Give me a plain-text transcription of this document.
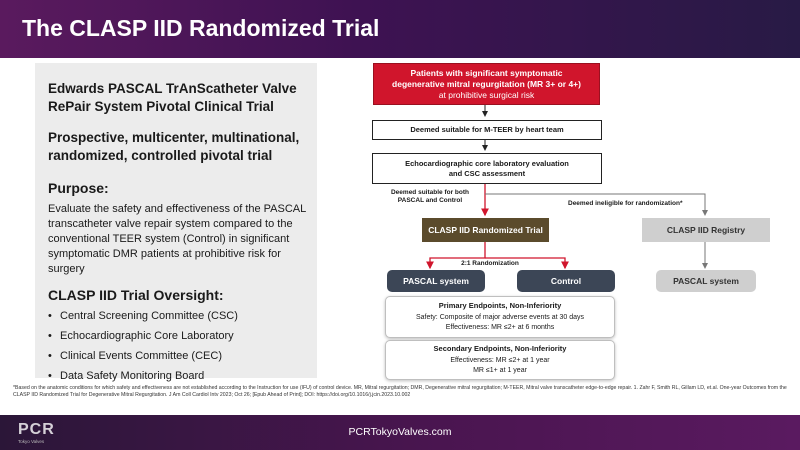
The CLASP IID Randomized Trial
Edwards PASCAL TrAnScatheter Valve
RePair System Pivotal Clinical Trial
Prospective, multicenter, multinational, randomized, controlled pivotal trial
Purpose:
Evaluate the safety and effectiveness of the PASCAL transcatheter valve repair system compared to the conventional TEER system (Control) in significant symptomatic DMR patients at prohibitive risk for surgery
CLASP IID Trial Oversight:
• Central Screening Committee (CSC)
• Echocardiographic Core Laboratory
• Clinical Events Committee (CEC)
• Data Safety Monitoring Board
Patients with significant symptomatic
degenerative mitral regurgitation (MR 3+ or 4+)
at prohibitive surgical risk
Deemed suitable for M-TEER by heart team
Echocardiographic core laboratory evaluation
and CSC assessment
Deemed suitable for both
PASCAL and Control	Deemed ineligible for randomization*
CLASP IID Randomized Trial	CLASP IID Registry
2:1 Randomization
PASCAL system	Control	PASCAL system
Primary Endpoints, Non-Inferiority
Safety: Composite of major adverse events at 30 days
Effectiveness: MR ≤2+ at 6 months
Secondary Endpoints, Non-Inferiority
Effectiveness: MR ≤2+ at 1 year
MR ≤1+ at 1 year
*Based on the anatomic conditions for which safety and effectiveness are not established according to the Instruction for use (IFU) of control device. MR, Mitral regurgitation; DMR, Degenerative mitral regurgitation; M-TEER, Mitral valve transcatheter edge-to-edge repair. 1. Zahr F, Smith RL, Gillam LD, et.al. One-year Outcomes from the CLASP IID Randomized Trial for Degenerative Mitral Regurgitation. J Am Coll Cardiol Intv 2023; Oct 26; [Epub Ahead of Print]; DOI: https://doi.org/10.1016/j.jcin.2023.10.002
PCR
Tokyo Valves
PCRTokyoValves.com
